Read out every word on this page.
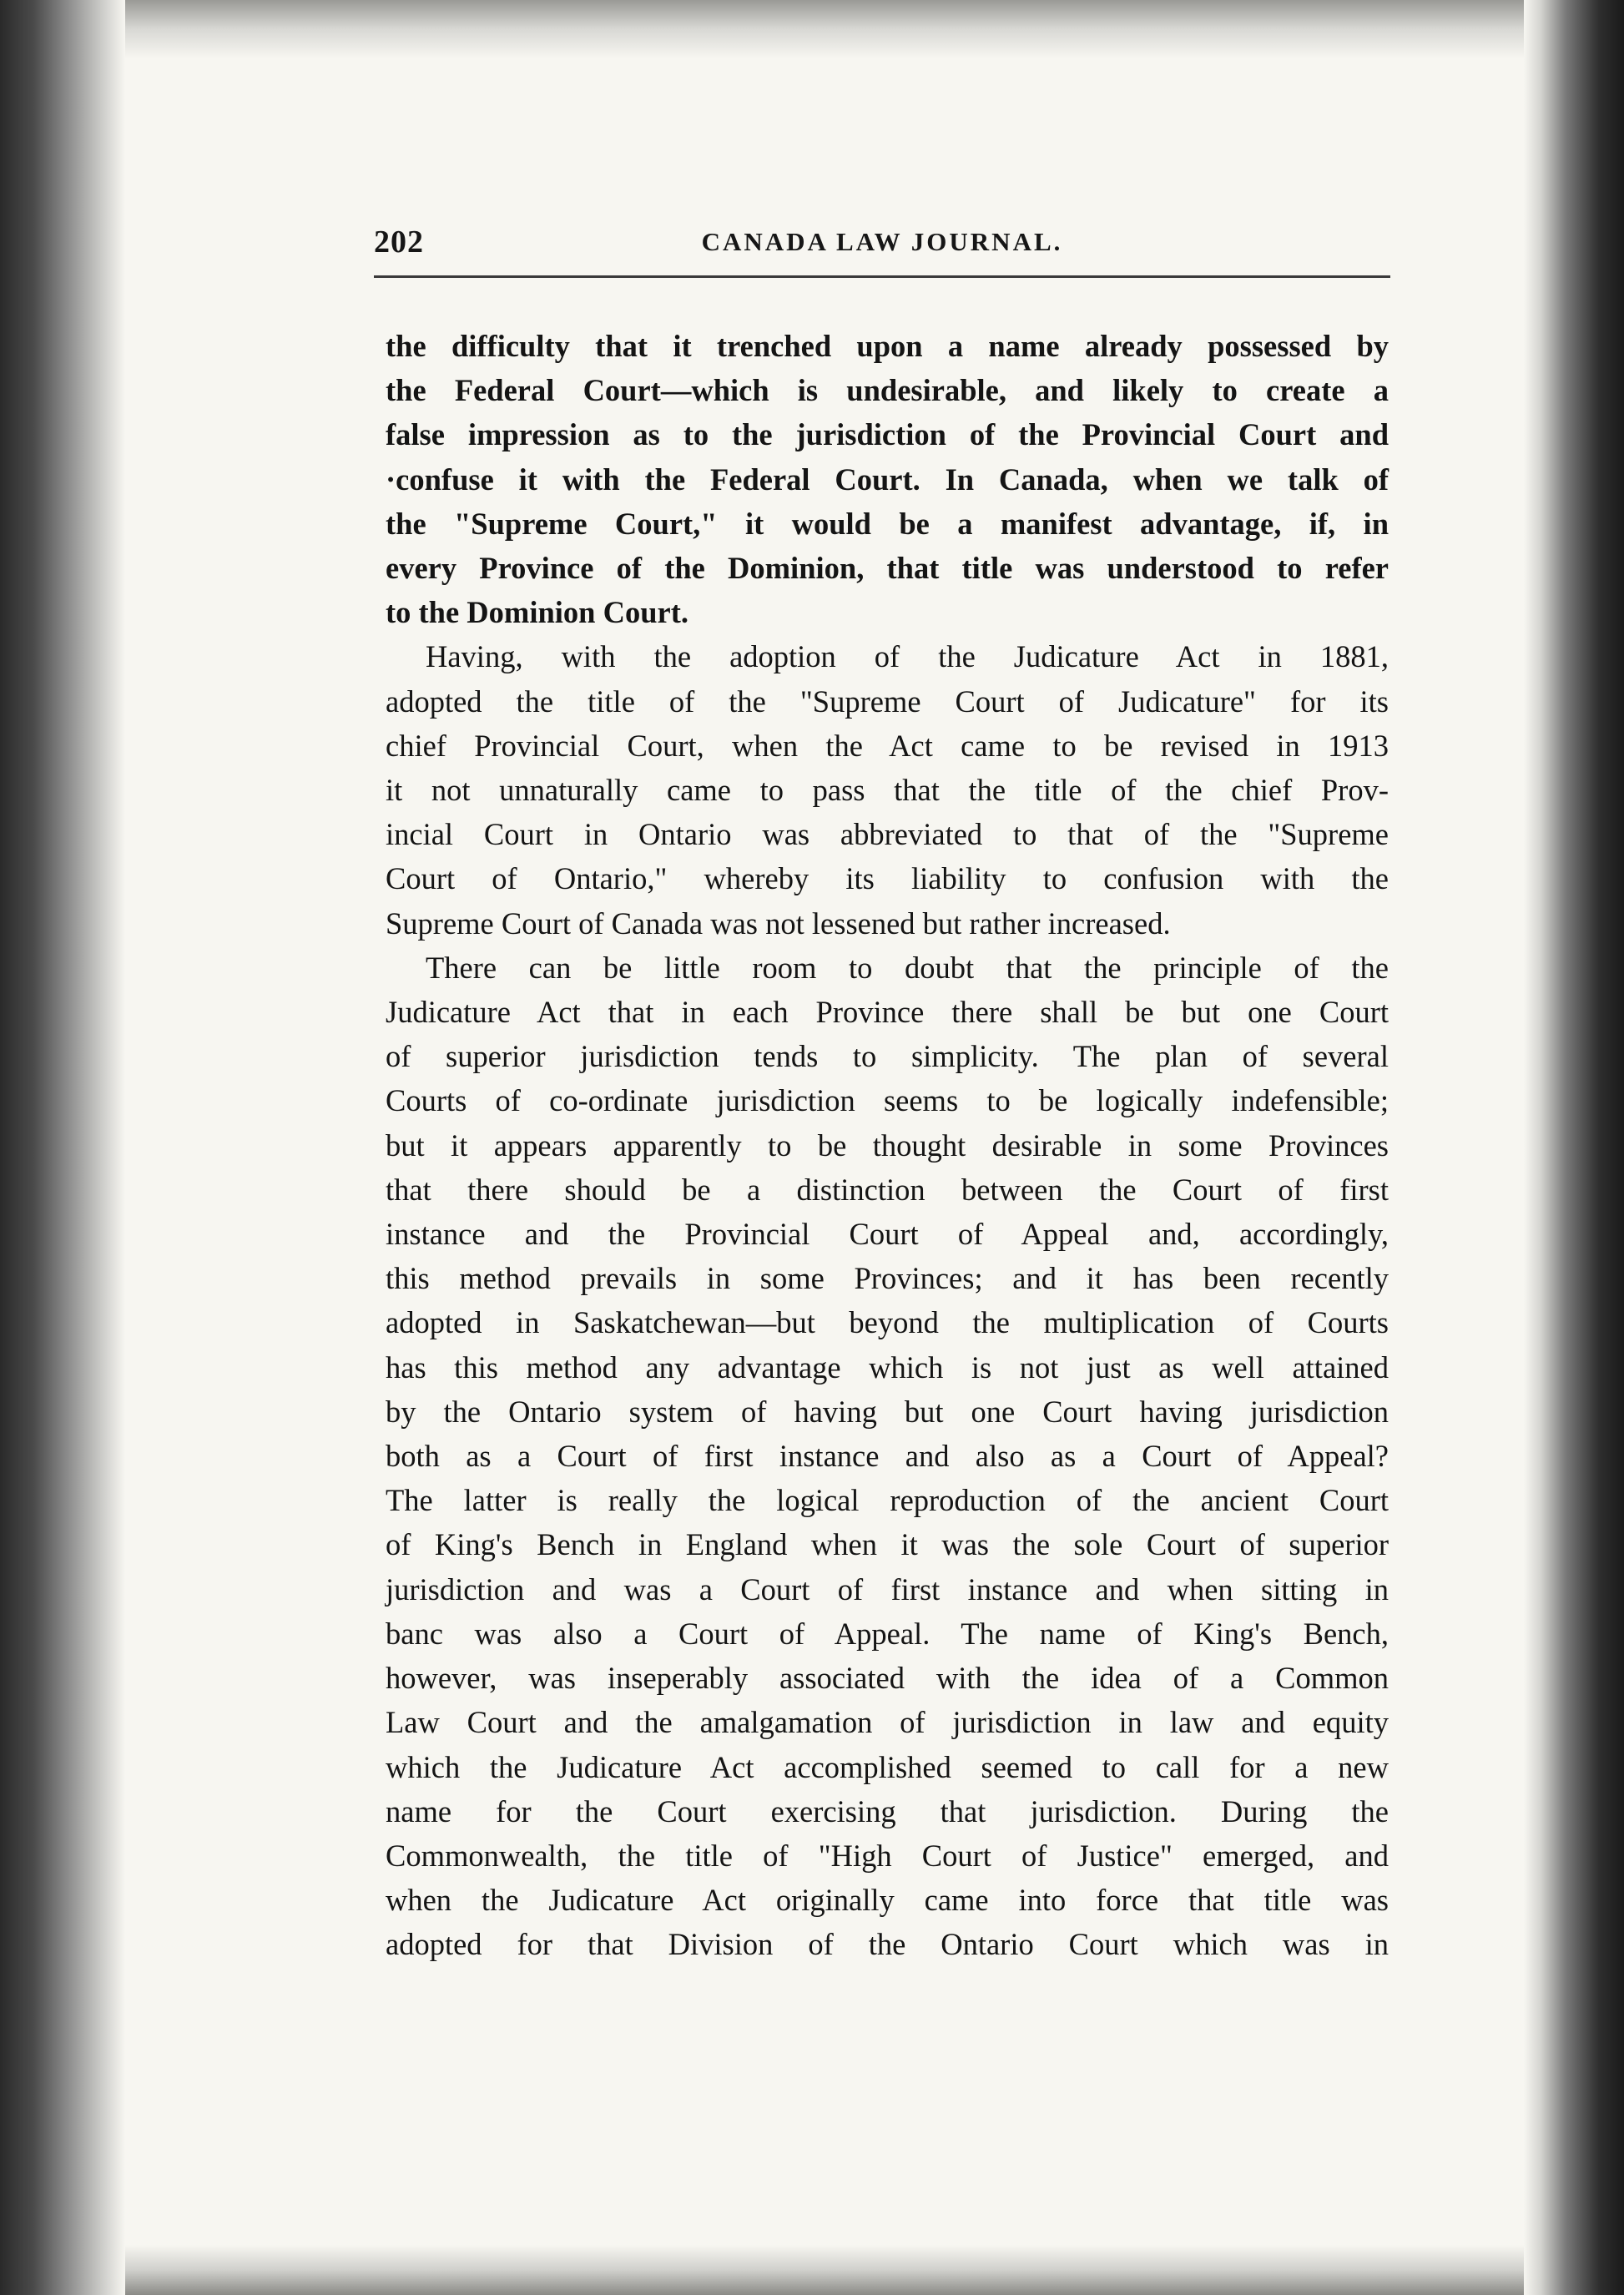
202	CANADA LAW JOURNAL.
the difficulty that it trenched upon a name already possessed by
the Federal Court—which is undesirable, and likely to create a
false impression as to the jurisdiction of the Provincial Court and
·confuse it with the Federal Court. In Canada, when we talk of
the "Supreme Court," it would be a manifest advantage, if, in
every Province of the Dominion, that title was understood to refer
to the Dominion Court.
Having, with the adoption of the Judicature Act in 1881,
adopted the title of the "Supreme Court of Judicature" for its
chief Provincial Court, when the Act came to be revised in 1913
it not unnaturally came to pass that the title of the chief Prov-
incial Court in Ontario was abbreviated to that of the "Supreme
Court of Ontario," whereby its liability to confusion with the
Supreme Court of Canada was not lessened but rather increased.
There can be little room to doubt that the principle of the
Judicature Act that in each Province there shall be but one Court
of superior jurisdiction tends to simplicity. The plan of several
Courts of co-ordinate jurisdiction seems to be logically indefensible;
but it appears apparently to be thought desirable in some Provinces
that there should be a distinction between the Court of first
instance and the Provincial Court of Appeal and, accordingly,
this method prevails in some Provinces; and it has been recently
adopted in Saskatchewan—but beyond the multiplication of Courts
has this method any advantage which is not just as well attained
by the Ontario system of having but one Court having jurisdiction
both as a Court of first instance and also as a Court of Appeal?
The latter is really the logical reproduction of the ancient Court
of King's Bench in England when it was the sole Court of superior
jurisdiction and was a Court of first instance and when sitting in
banc was also a Court of Appeal. The name of King's Bench,
however, was inseperably associated with the idea of a Common
Law Court and the amalgamation of jurisdiction in law and equity
which the Judicature Act accomplished seemed to call for a new
name for the Court exercising that jurisdiction. During the
Commonwealth, the title of "High Court of Justice" emerged, and
when the Judicature Act originally came into force that title was
adopted for that Division of the Ontario Court which was in
